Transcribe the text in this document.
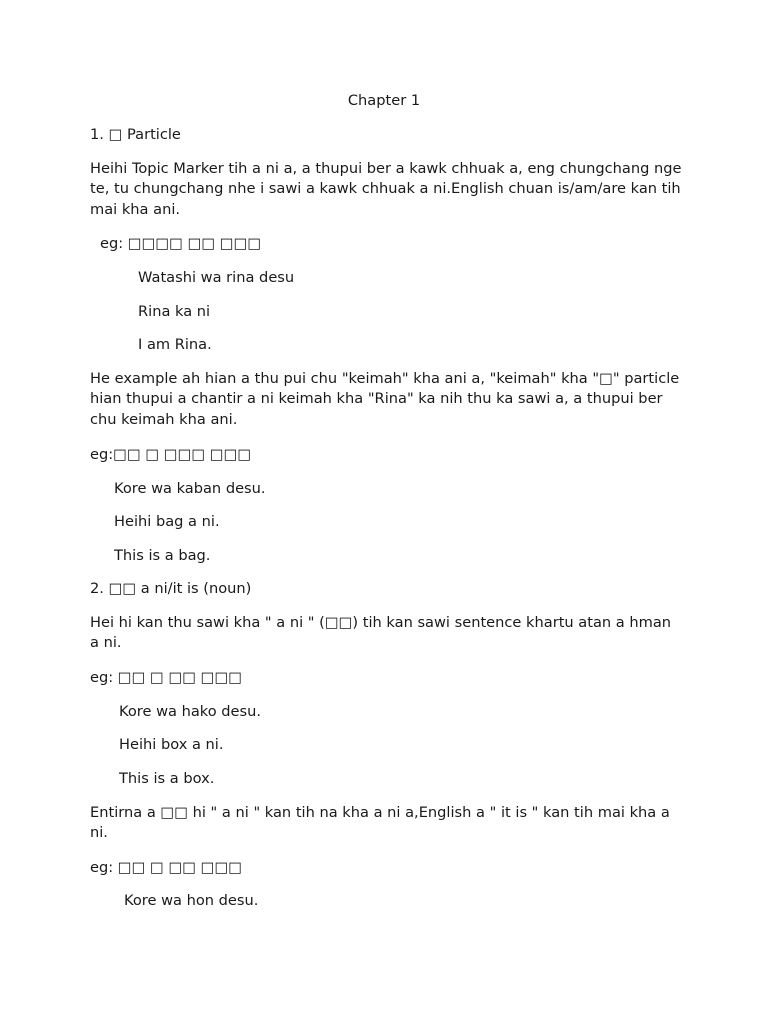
Chapter 1

1. □ Particle

Heihi Topic Marker tih a ni a, a thupui ber a kawk chhuak a, eng chungchang nge te, tu chungchang nhe i sawi a kawk chhuak a ni.English chuan is/am/are kan tih mai kha ani.

eg: □□□□ □□ □□□

Watashi wa rina desu

Rina ka ni

I am Rina.

He example ah hian a thu pui chu "keimah" kha ani a, "keimah" kha "□" particle hian thupui a chantir a ni keimah kha "Rina" ka nih thu ka sawi a, a thupui ber chu keimah kha ani.

eg:□□ □ □□□ □□□

Kore wa kaban desu.

Heihi bag a ni.

This is a bag.

2. □□ a ni/it is (noun)

Hei hi kan thu sawi kha " a ni " (□□) tih kan sawi sentence khartu atan a hman a ni.

eg: □□ □ □□ □□□

Kore wa hako desu.

Heihi box a ni.

This is a box.

Entirna a □□ hi " a ni " kan tih na kha a ni a,English a " it is " kan tih mai kha a ni.

eg: □□ □ □□ □□□

Kore wa hon desu.
